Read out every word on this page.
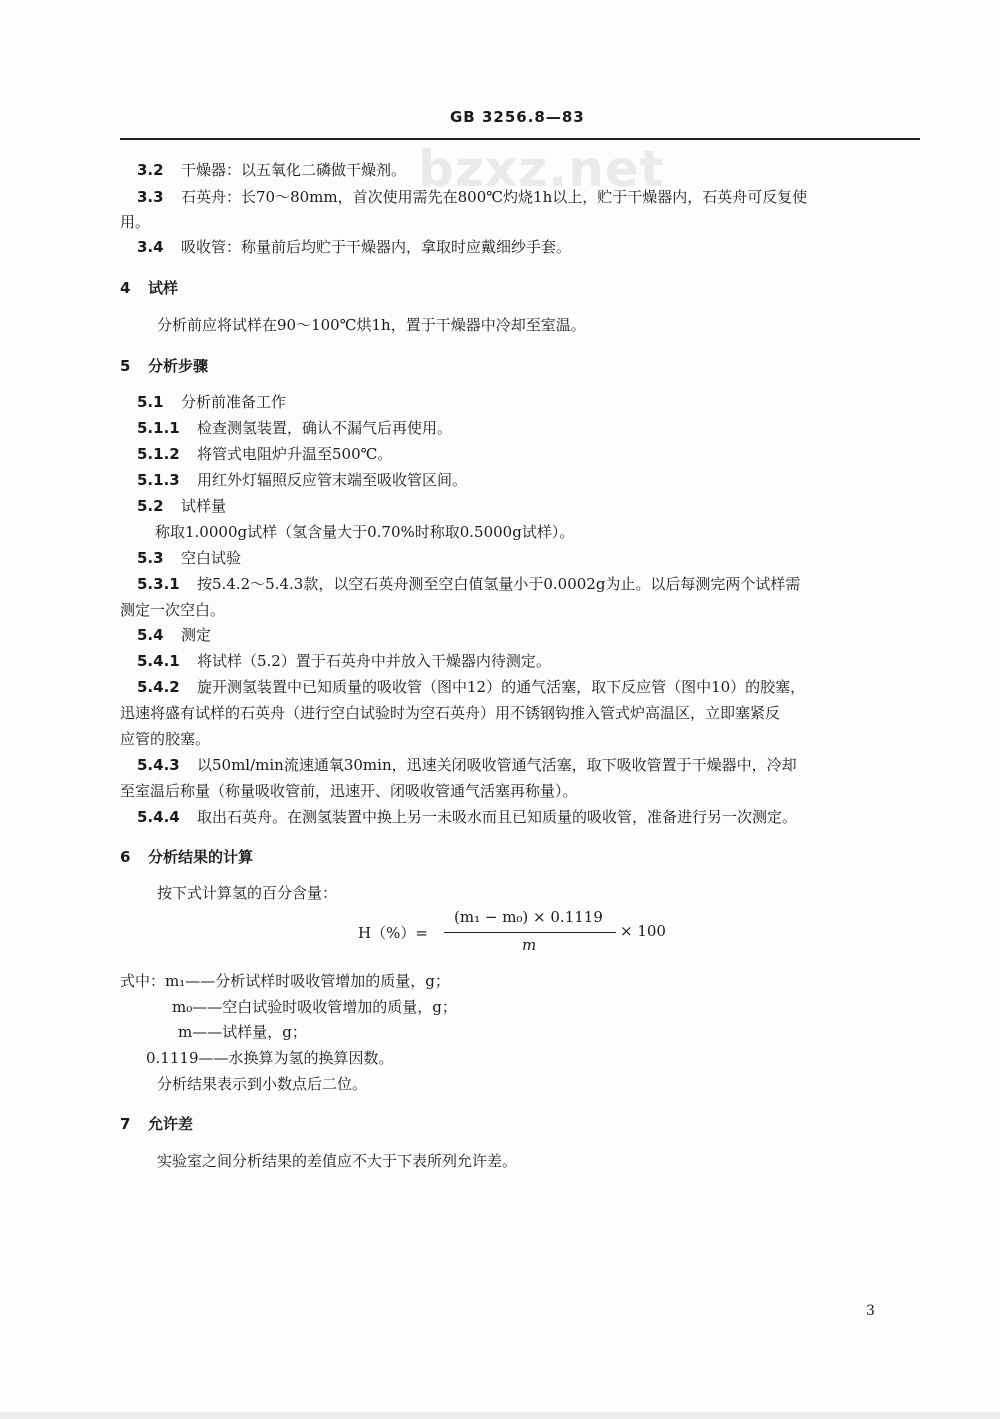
bzxz.net
GB 3256.8—83
3.2 干燥器：以五氧化二磷做干燥剂。
3.3 石英舟：长70～80mm，首次使用需先在800℃灼烧1h以上，贮于干燥器内，石英舟可反复使
用。
3.4 吸收管：称量前后均贮于干燥器内，拿取时应戴细纱手套。
4 试样
分析前应将试样在90～100℃烘1h，置于干燥器中冷却至室温。
5 分析步骤
5.1 分析前准备工作
5.1.1 检查测氢装置，确认不漏气后再使用。
5.1.2 将管式电阻炉升温至500℃。
5.1.3 用红外灯辐照反应管末端至吸收管区间。
5.2 试样量
称取1.0000g试样（氢含量大于0.70%时称取0.5000g试样）。
5.3 空白试验
5.3.1 按5.4.2～5.4.3款，以空石英舟测至空白值氢量小于0.0002g为止。以后每测完两个试样需
测定一次空白。
5.4 测定
5.4.1 将试样（5.2）置于石英舟中并放入干燥器内待测定。
5.4.2 旋开测氢装置中已知质量的吸收管（图中12）的通气活塞，取下反应管（图中10）的胶塞，
迅速将盛有试样的石英舟（进行空白试验时为空石英舟）用不锈钢钩推入管式炉高温区，立即塞紧反
应管的胶塞。
5.4.3 以50ml/min流速通氧30min，迅速关闭吸收管通气活塞，取下吸收管置于干燥器中，冷却
至室温后称量（称量吸收管前，迅速开、闭吸收管通气活塞再称量）。
5.4.4 取出石英舟。在测氢装置中换上另一未吸水而且已知质量的吸收管，准备进行另一次测定。
6 分析结果的计算
按下式计算氢的百分含量：
H（%）=
(m₁ − m₀) × 0.1119
m
× 100
式中：m₁——分析试样时吸收管增加的质量，g；
m₀——空白试验时吸收管增加的质量，g；
m——试样量，g；
0.1119——水换算为氢的换算因数。
分析结果表示到小数点后二位。
7 允许差
实验室之间分析结果的差值应不大于下表所列允许差。
3
